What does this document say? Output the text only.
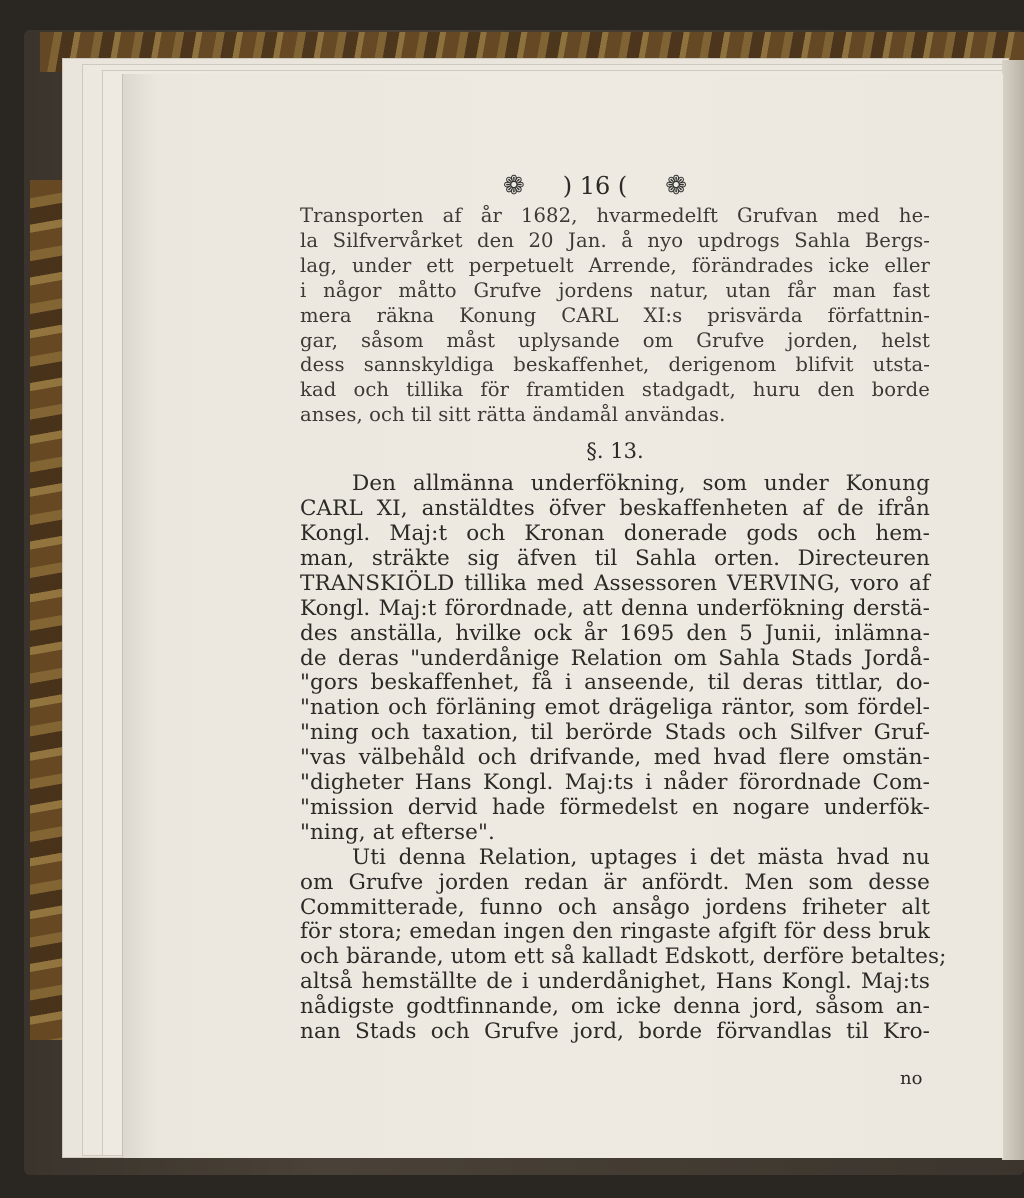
❁ ) 16 ( ❁
Transporten af år 1682, hvarmedelft Grufvan med he-
la Silfverv​årket den 20 Jan. å nyo updrogs Sahla Bergs-
lag, under ett perpetuelt Arrende, förändrades icke eller
i någor måtto Grufve jordens natur, utan får man fast
mera räkna Konung CARL XI:s prisvärda författnin-
gar, såsom måst uplysande om Grufve jorden, helst
dess sannskyldiga beskaffenhet, derigenom blifvit utsta-
kad och tillika för framtiden stadgadt, huru den borde
anses, och til sitt rätta ändamål användas.
§. 13.
Den allmänna underfökning, som under Konung
CARL XI, anstäldtes öfver beskaffenheten af de ifrån
Kongl. Maj:t och Kronan donerade gods och hem-
man, sträkte sig äfven til Sahla orten. Directeuren
TRANSKIÖLD tillika med Assessoren VERVING, voro af
Kongl. Maj:t förordnade, att denna underfökning derstä-
des anställa, hvilke ock år 1695 den 5 Junii, inlämna-
de deras "underdånige Relation om Sahla Stads Jordå-
"gors beskaffenhet, få i anseende, til deras tittlar, do-
"nation och förläning emot drägeliga räntor, som fördel-
"ning och taxation, til berörde Stads och Silfver Gruf-
"vas välbehåld och drifvande, med hvad flere omstän-
"digheter Hans Kongl. Maj:ts i nåder förordnade Com-
"mission dervid hade förmedelst en nogare underfök-
"ning, at efterse".
Uti denna Relation, uptages i det mästa hvad nu
om Grufve jorden redan är anfördt. Men som desse
Committerade, funno och ansågo jordens friheter alt
för stora; emedan ingen den ringaste afgift för dess bruk
och bärande, utom ett så kalladt Edskott, derföre betaltes;
altså hemställte de i underdånighet, Hans Kongl. Maj:ts
nådigste godtfinnande, om icke denna jord, såsom an-
nan Stads och Grufve jord, borde förvandlas til Kro-
no
